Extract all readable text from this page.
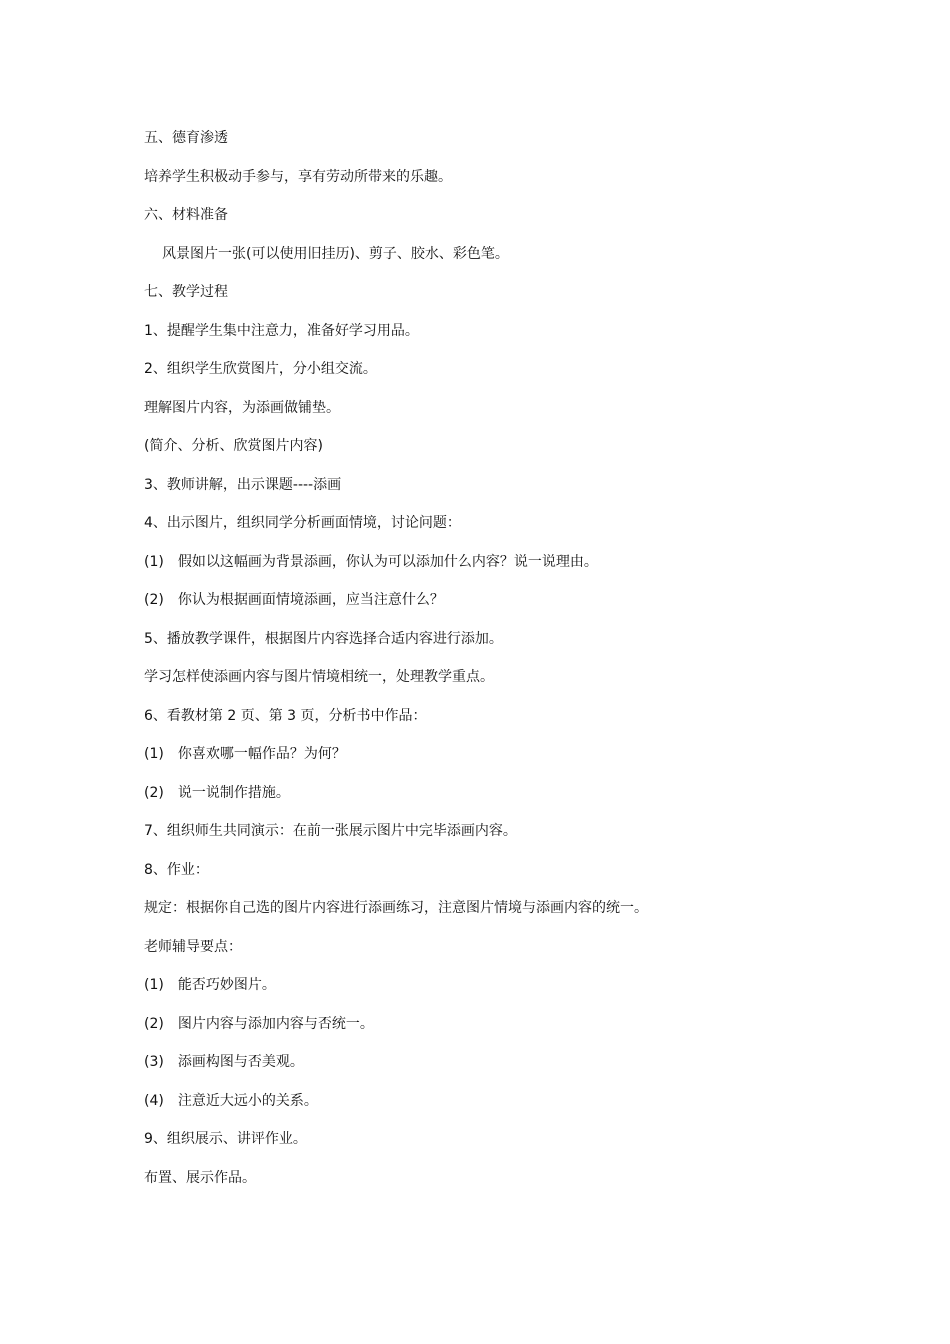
五、德育渗透
培养学生积极动手参与，享有劳动所带来的乐趣。
六、材料准备
风景图片一张(可以使用旧挂历)、剪子、胶水、彩色笔。
七、教学过程
1、提醒学生集中注意力，准备好学习用品。
2、组织学生欣赏图片，分小组交流。
理解图片内容，为添画做铺垫。
(简介、分析、欣赏图片内容)
3、教师讲解，出示课题----添画
4、出示图片，组织同学分析画面情境，讨论问题：
(1)　假如以这幅画为背景添画，你认为可以添加什么内容？说一说理由。
(2)　你认为根据画面情境添画，应当注意什么？
5、播放教学课件，根据图片内容选择合适内容进行添加。
学习怎样使添画内容与图片情境相统一，处理教学重点。
6、看教材第 2 页、第 3 页，分析书中作品：
(1)　你喜欢哪一幅作品？为何？
(2)　说一说制作措施。
7、组织师生共同演示：在前一张展示图片中完毕添画内容。
8、作业：
规定：根据你自己选的图片内容进行添画练习，注意图片情境与添画内容的统一。
老师辅导要点：
(1)　能否巧妙图片。
(2)　图片内容与添加内容与否统一。
(3)　添画构图与否美观。
(4)　注意近大远小的关系。
9、组织展示、讲评作业。
布置、展示作品。
